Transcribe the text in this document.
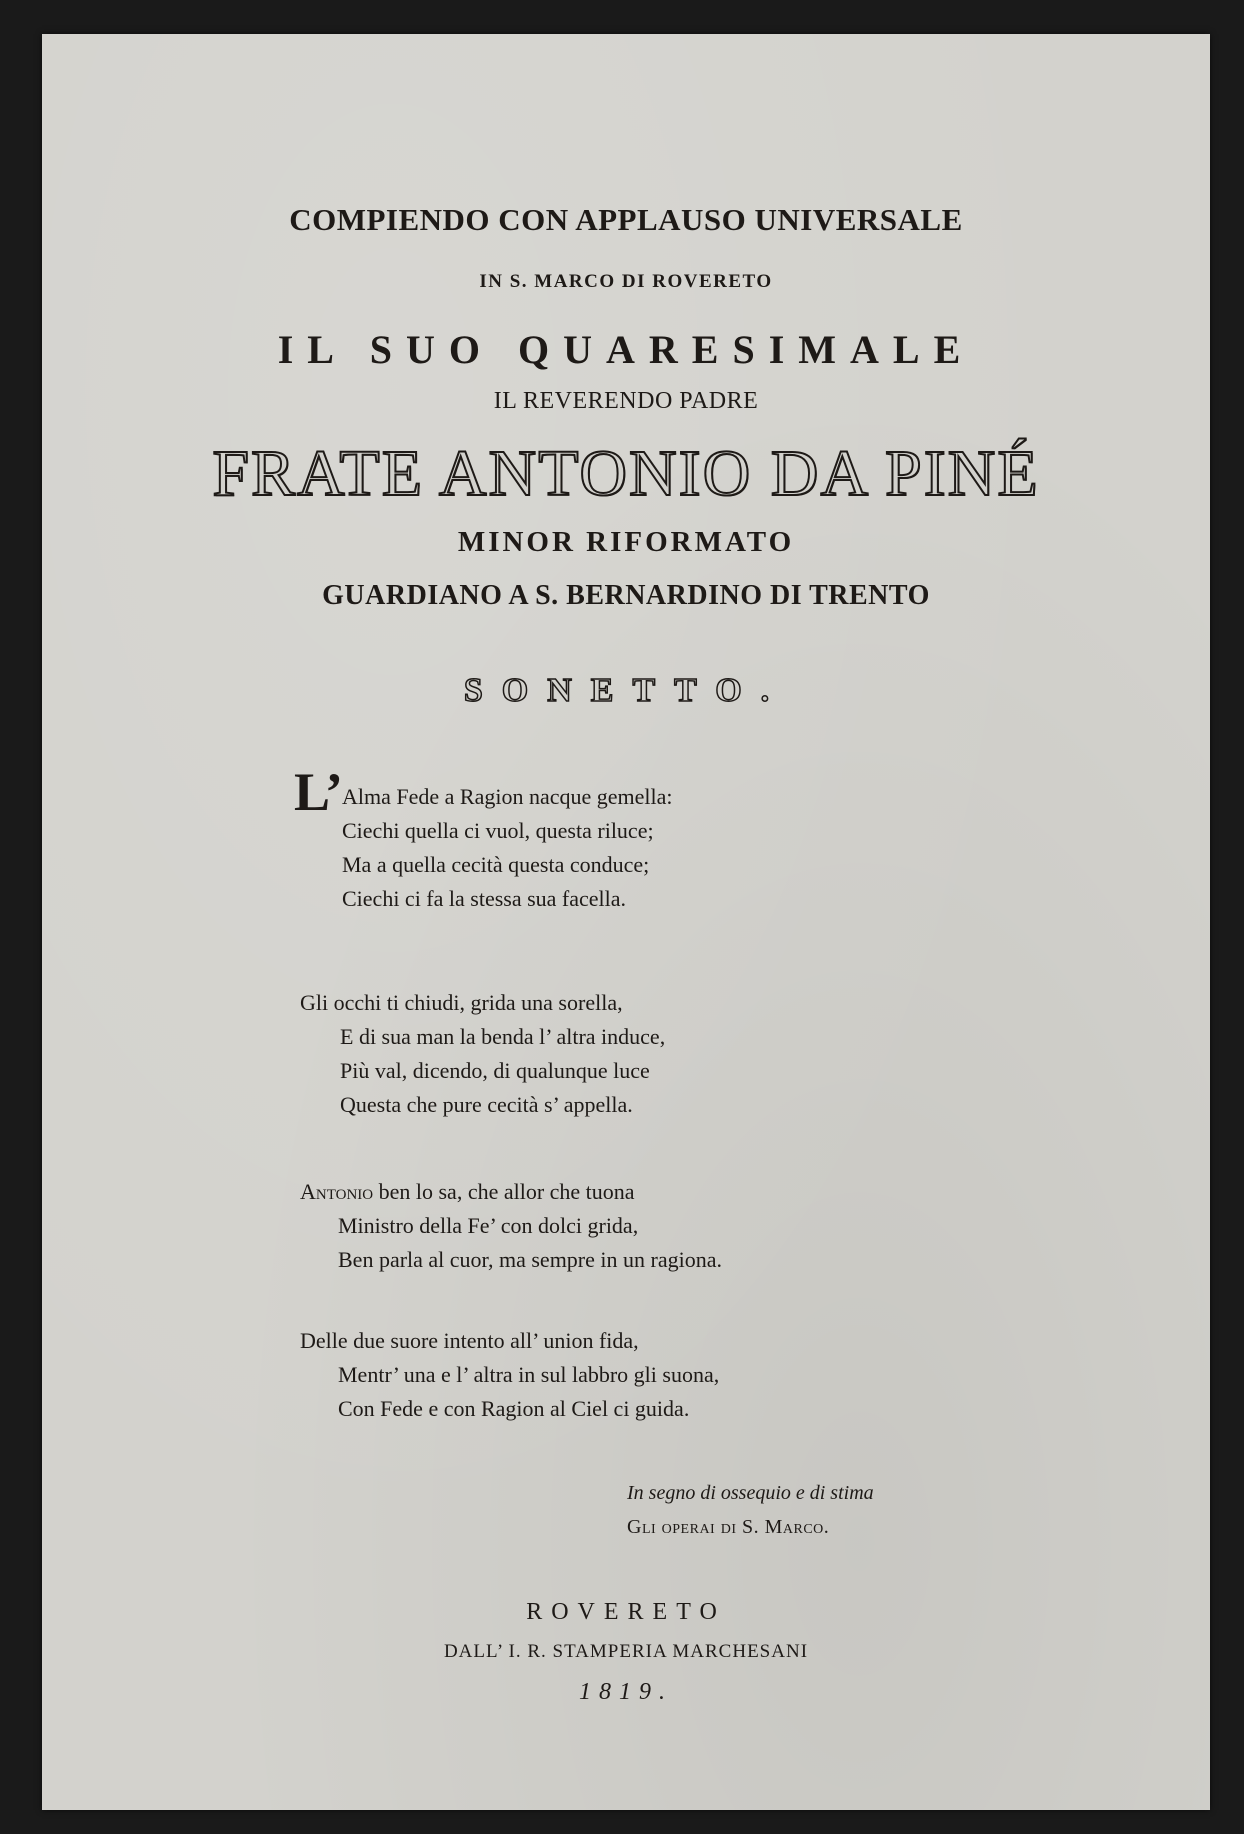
COMPIENDO CON APPLAUSO UNIVERSALE
IN S. MARCO DI ROVERETO
IL SUO QUARESIMALE
IL REVERENDO PADRE
FRATE ANTONIO DA PINÉ
MINOR RIFORMATO
GUARDIANO A S. BERNARDINO DI TRENTO
SONETTO.
L’
Alma Fede a Ragion nacque gemella:
Ciechi quella ci vuol, questa riluce;
Ma a quella cecità questa conduce;
Ciechi ci fa la stessa sua facella.
Gli occhi ti chiudi, grida una sorella,
E di sua man la benda l’ altra induce,
Più val, dicendo, di qualunque luce
Questa che pure cecità s’ appella.
Antonio ben lo sa, che allor che tuona
Ministro della Fe’ con dolci grida,
Ben parla al cuor, ma sempre in un ragiona.
Delle due suore intento all’ union fida,
Mentr’ una e l’ altra in sul labbro gli suona,
Con Fede e con Ragion al Ciel ci guida.
In segno di ossequio e di stima
Gli operai di S. Marco.
ROVERETO
DALL’ I. R. STAMPERIA MARCHESANI
1819.
